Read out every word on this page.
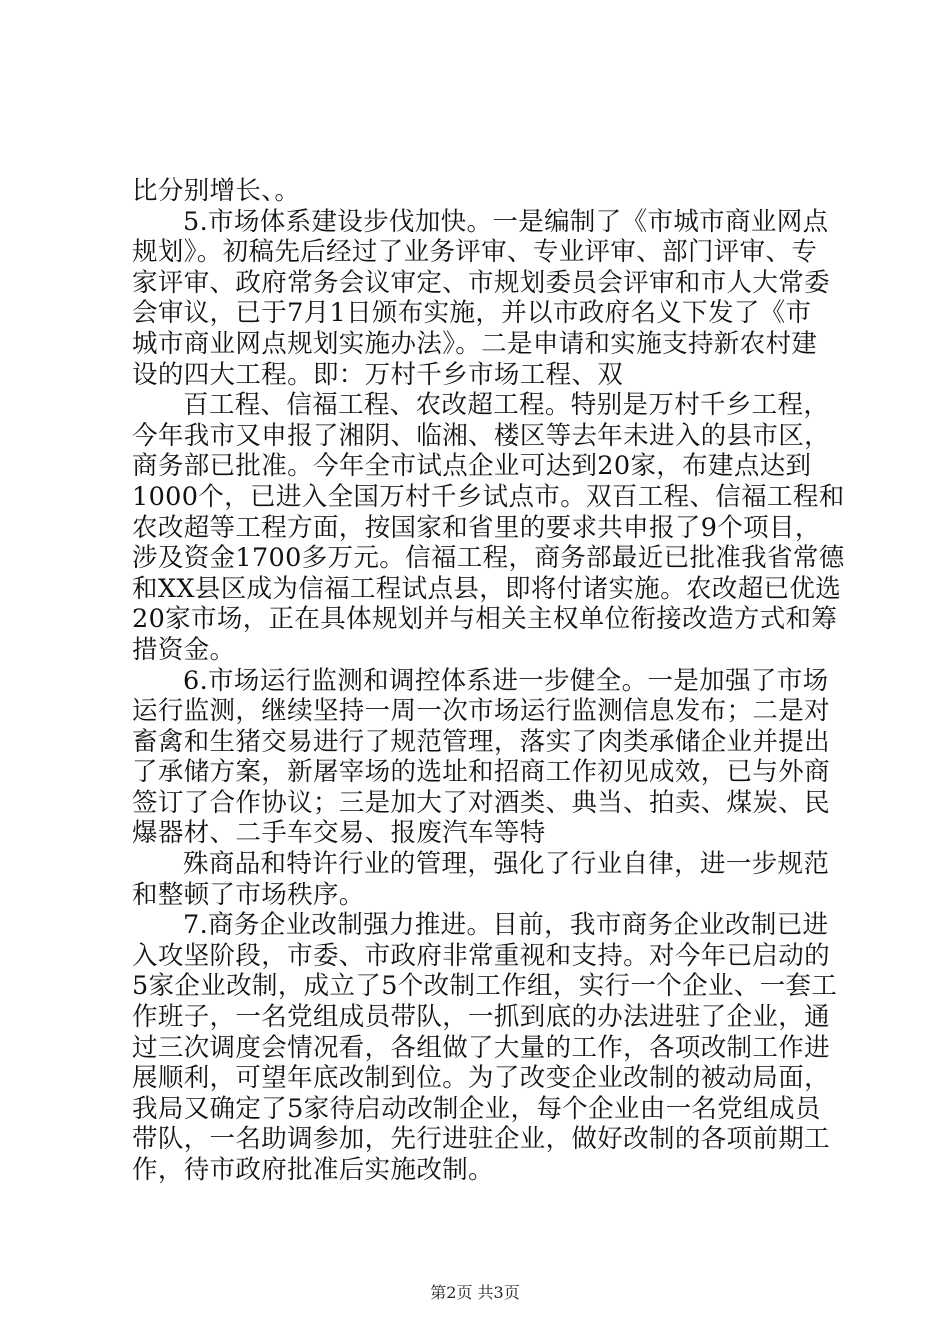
比分别增长、。
5.市场体系建设步伐加快。一是编制了《市城市商业网点
规划》。初稿先后经过了业务评审、专业评审、部门评审、专
家评审、政府常务会议审定、市规划委员会评审和市人大常委
会审议，已于7月1日颁布实施，并以市政府名义下发了《市
城市商业网点规划实施办法》。二是申请和实施支持新农村建
设的四大工程。即：万村千乡市场工程、双
百工程、信福工程、农改超工程。特别是万村千乡工程，
今年我市又申报了湘阴、临湘、楼区等去年未进入的县市区，
商务部已批准。今年全市试点企业可达到20家，布建点达到
1000个，已进入全国万村千乡试点市。双百工程、信福工程和
农改超等工程方面，按国家和省里的要求共申报了9个项目，
涉及资金1700多万元。信福工程，商务部最近已批准我省常德
和XX县区成为信福工程试点县，即将付诸实施。农改超已优选
20家市场，正在具体规划并与相关主权单位衔接改造方式和筹
措资金。
6.市场运行监测和调控体系进一步健全。一是加强了市场
运行监测，继续坚持一周一次市场运行监测信息发布；二是对
畜禽和生猪交易进行了规范管理，落实了肉类承储企业并提出
了承储方案，新屠宰场的选址和招商工作初见成效，已与外商
签订了合作协议；三是加大了对酒类、典当、拍卖、煤炭、民
爆器材、二手车交易、报废汽车等特
殊商品和特许行业的管理，强化了行业自律，进一步规范
和整顿了市场秩序。
7.商务企业改制强力推进。目前，我市商务企业改制已进
入攻坚阶段，市委、市政府非常重视和支持。对今年已启动的
5家企业改制，成立了5个改制工作组，实行一个企业、一套工
作班子，一名党组成员带队，一抓到底的办法进驻了企业，通
过三次调度会情况看，各组做了大量的工作，各项改制工作进
展顺利，可望年底改制到位。为了改变企业改制的被动局面，
我局又确定了5家待启动改制企业，每个企业由一名党组成员
带队，一名助调参加，先行进驻企业，做好改制的各项前期工
作，待市政府批准后实施改制。
第2页 共3页
